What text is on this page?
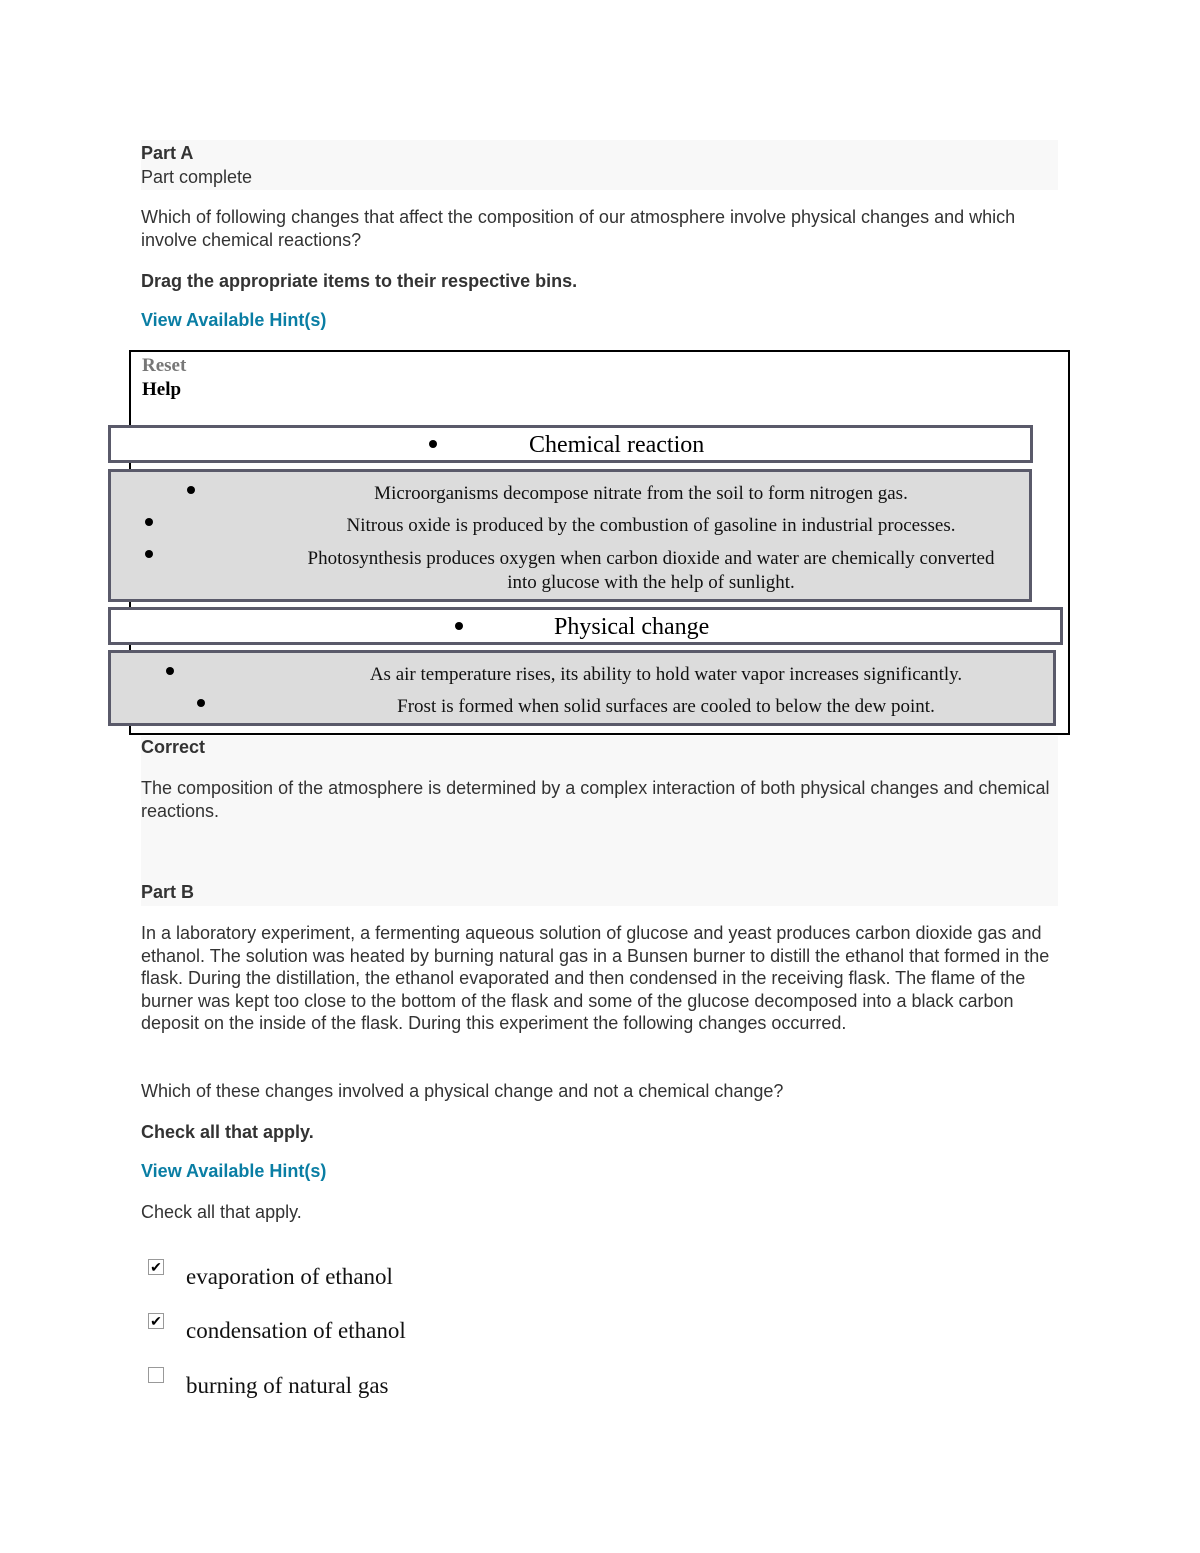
Part A
Part complete
Which of following changes that affect the composition of our atmosphere involve physical changes and which involve chemical reactions?
Drag the appropriate items to their respective bins.
View Available Hint(s)
Reset
Help
Chemical reaction
Microorganisms decompose nitrate from the soil to form nitrogen gas.
Nitrous oxide is produced by the combustion of gasoline in industrial processes.
Photosynthesis produces oxygen when carbon dioxide and water are chemically converted into glucose with the help of sunlight.
Physical change
As air temperature rises, its ability to hold water vapor increases significantly.
Frost is formed when solid surfaces are cooled to below the dew point.
Correct
The composition of the atmosphere is determined by a complex interaction of both physical changes and chemical reactions.
Part B
In a laboratory experiment, a fermenting aqueous solution of glucose and yeast produces carbon dioxide gas and ethanol. The solution was heated by burning natural gas in a Bunsen burner to distill the ethanol that formed in the flask. During the distillation, the ethanol evaporated and then condensed in the receiving flask. The flame of the burner was kept too close to the bottom of the flask and some of the glucose decomposed into a black carbon deposit on the inside of the flask. During this experiment the following changes occurred.
Which of these changes involved a physical change and not a chemical change?
Check all that apply.
View Available Hint(s)
Check all that apply.
✔ evaporation of ethanol
✔ condensation of ethanol
burning of natural gas
